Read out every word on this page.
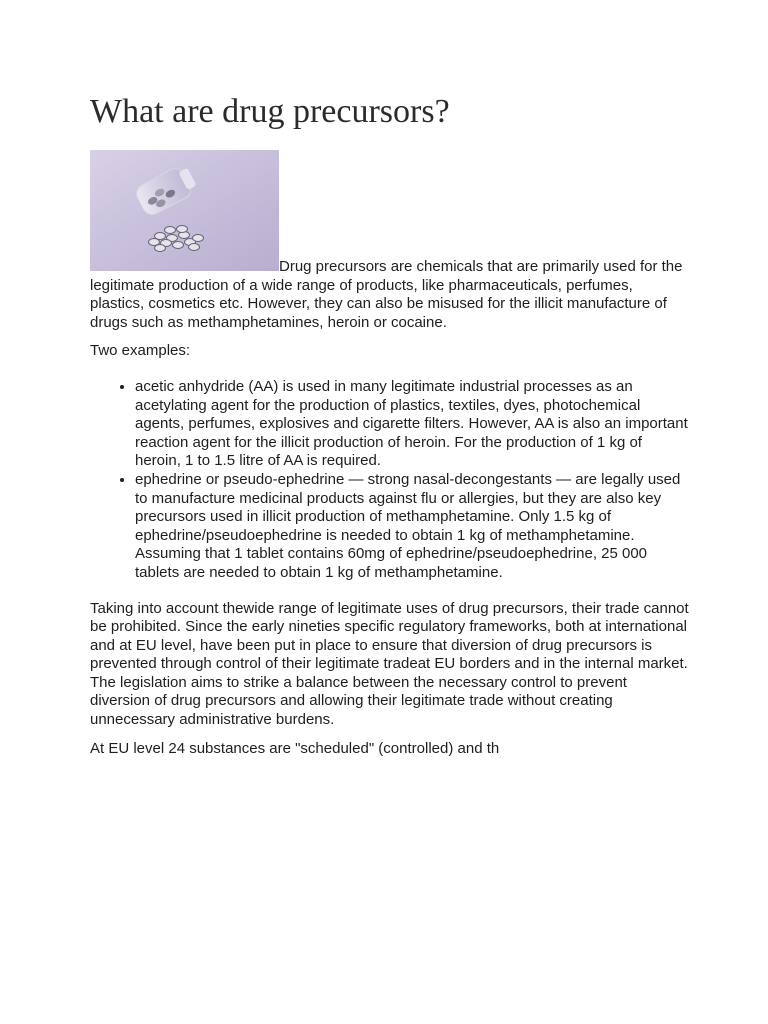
What are drug precursors?

Drug precursors are chemicals that are primarily used for the legitimate production of a wide range of products, like pharmaceuticals, perfumes, plastics, cosmetics etc. However, they can also be misused for the illicit manufacture of drugs such as methamphetamines, heroin or cocaine.

Two examples:

• acetic anhydride (AA) is used in many legitimate industrial processes as an acetylating agent for the production of plastics, textiles, dyes, photochemical agents, perfumes, explosives and cigarette filters. However, AA is also an important reaction agent for the illicit production of heroin. For the production of 1 kg of heroin, 1 to 1.5 litre of AA is required.
• ephedrine or pseudo-ephedrine — strong nasal-decongestants — are legally used to manufacture medicinal products against flu or allergies, but they are also key precursors used in illicit production of methamphetamine. Only 1.5 kg of ephedrine/pseudoephedrine is needed to obtain 1 kg of methamphetamine. Assuming that 1 tablet contains 60mg of ephedrine/pseudoephedrine, 25 000 tablets are needed to obtain 1 kg of methamphetamine.

Taking into account thewide range of legitimate uses of drug precursors, their trade cannot be prohibited. Since the early nineties specific regulatory frameworks, both at international and at EU level, have been put in place to ensure that diversion of drug precursors is prevented through control of their legitimate tradeat EU borders and in the internal market. The legislation aims to strike a balance between the necessary control to prevent diversion of drug precursors and allowing their legitimate trade without creating unnecessary administrative burdens.

At EU level 24 substances are "scheduled" (controlled) and th
